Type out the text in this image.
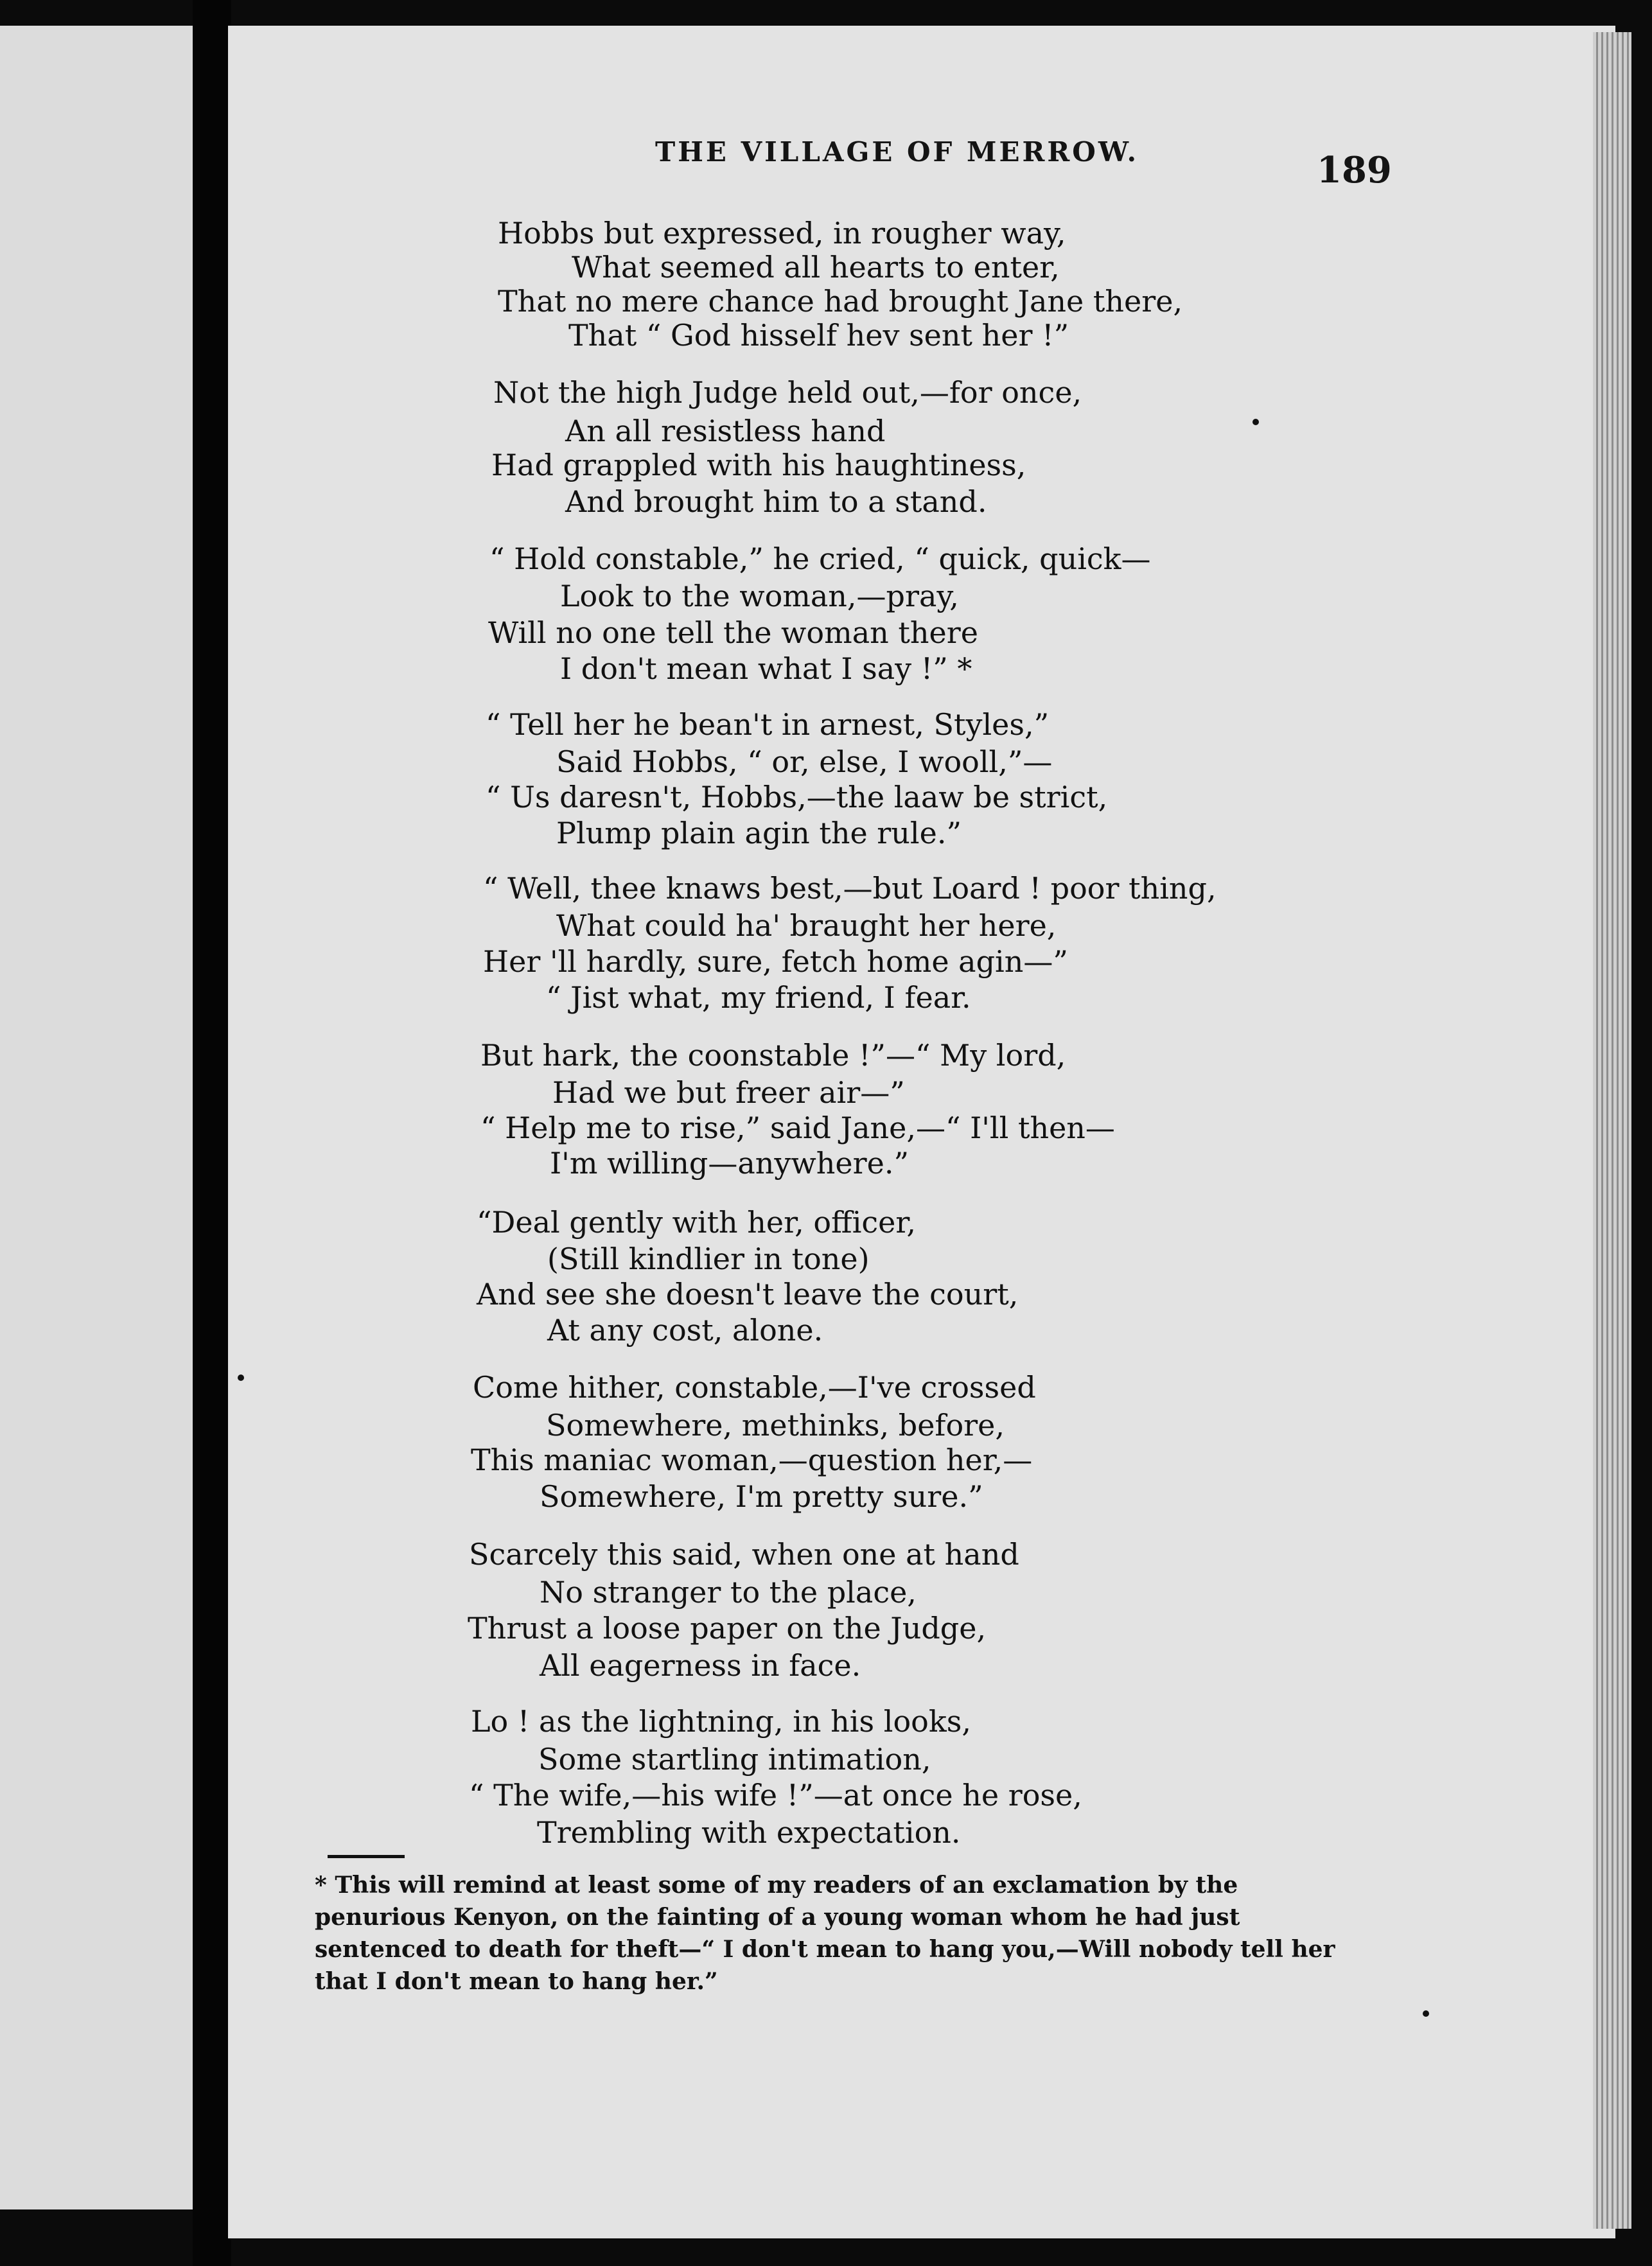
THE VILLAGE OF MERROW.	189
Hobbs but expressed, in rougher way,
What seemed all hearts to enter,
That no mere chance had brought Jane there,
That “ God hisself hev sent her !”
Not the high Judge held out,—for once,
An all resistless hand
Had grappled with his haughtiness,
And brought him to a stand.
“ Hold constable,” he cried, “ quick, quick—
Look to the woman,—pray,
Will no one tell the woman there
I don't mean what I say !” *
“ Tell her he bean't in arnest, Styles,”
Said Hobbs, “ or, else, I wooll,”—
“ Us daresn't, Hobbs,—the laaw be strict,
Plump plain agin the rule.”
“ Well, thee knaws best,—but Loard ! poor thing,
What could ha' braught her here,
Her 'll hardly, sure, fetch home agin—”
“ Jist what, my friend, I fear.
But hark, the coonstable !”—“ My lord,
Had we but freer air—”
“ Help me to rise,” said Jane,—“ I'll then—
I'm willing—anywhere.”
“Deal gently with her, officer,
(Still kindlier in tone)
And see she doesn't leave the court,
At any cost, alone.
Come hither, constable,—I've crossed
Somewhere, methinks, before,
This maniac woman,—question her,—
Somewhere, I'm pretty sure.”
Scarcely this said, when one at hand
No stranger to the place,
Thrust a loose paper on the Judge,
All eagerness in face.
Lo ! as the lightning, in his looks,
Some startling intimation,
“ The wife,—his wife !”—at once he rose,
Trembling with expectation.
* This will remind at least some of my readers of an exclamation by the penurious Kenyon, on the fainting of a young woman whom he had just sentenced to death for theft—“ I don't mean to hang you,—Will nobody tell her that I don't mean to hang her.”
